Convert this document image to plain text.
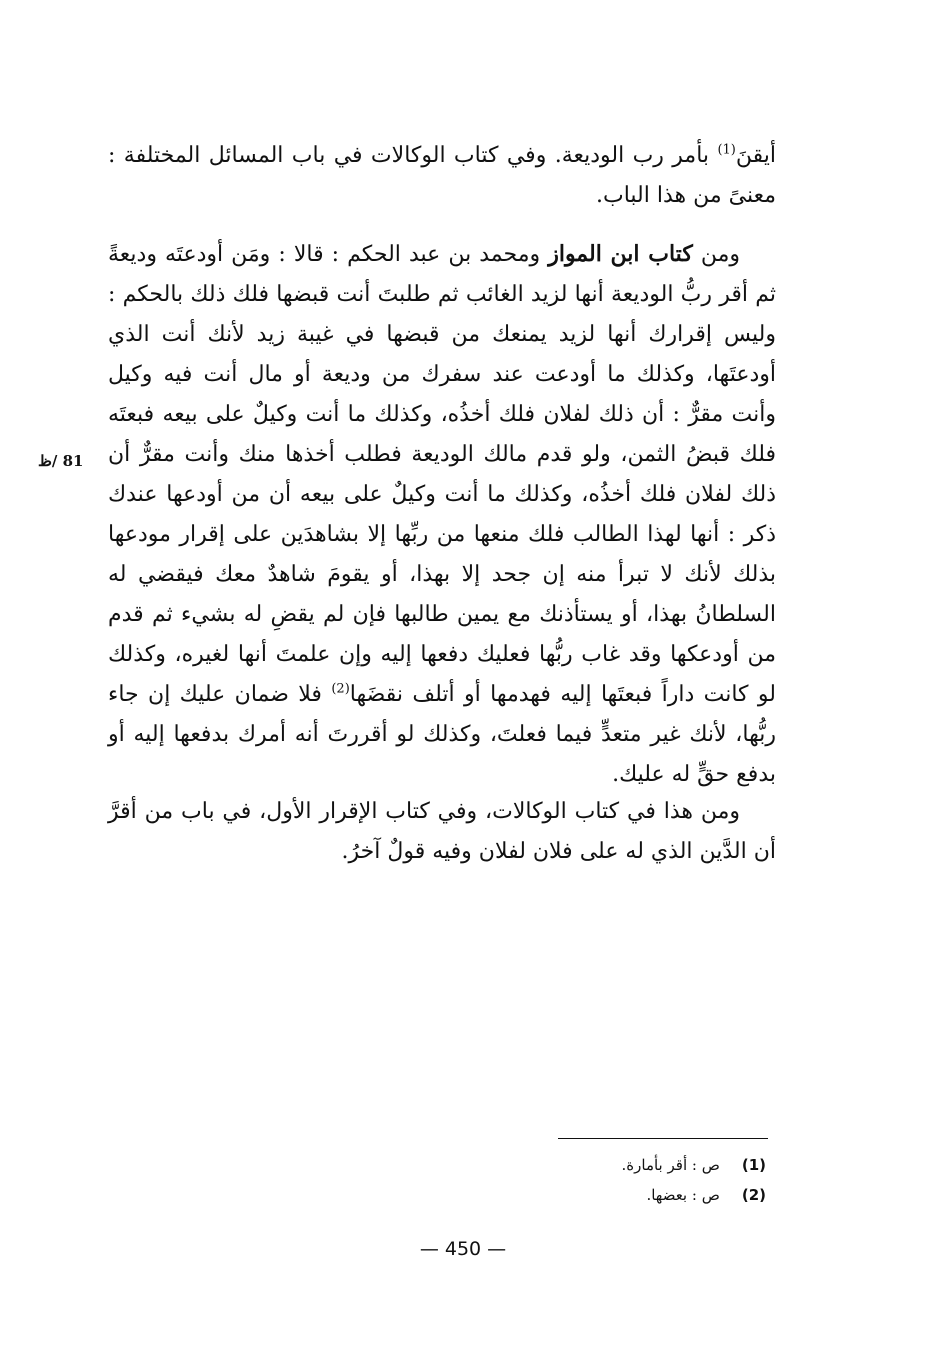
أيقنَ$^{(1)}$ بأمر رب الوديعة. وفي كتاب الوكالات في باب المسائل المختلفة : معنىً من هذا الباب.

ومن كتاب ابن المواز ومحمد بن عبد الحكم : قالا : ومَن أودعتَه وديعةً ثم أقر ربُّ الوديعة أنها لزيد الغائب ثم طلبتَ أنت قبضها فلك ذلك بالحكم : وليس إقرارك أنها لزيد يمنعك من قبضها في غيبة زيد لأنك أنت الذي أودعتَها، وكذلك ما أودعت عند سفرك من وديعة أو مال أنت فيه وكيل وأنت مقرٌّ : أن ذلك لفلان فلك أخذُه، وكذلك ما أنت وكيلٌ على بيعه فبعتَه فلك قبضُ الثمن، ولو قدم مالك الوديعة فطلب أخذها منك وأنت مقرٌّ أن ذلك لفلان فلك أخذُه، وكذلك ما أنت وكيلٌ على بيعه أن من أودعها عندك ذكر : أنها لهذا الطالب فلك منعها من ربِّها إلا بشاهدَين على إقرار مودعها بذلك لأنك لا تبرأ منه إن جحد إلا بهذا، أو يقومَ شاهدٌ معك فيقضي له السلطانُ بهذا، أو يستأذنك مع يمين طالبها فإن لم يقضِ له بشيء ثم قدم من أودعكها وقد غاب ربُّها فعليك دفعها إليه وإن علمتَ أنها لغيره، وكذلك لو كانت داراً فبعتَها إليه فهدمها أو أتلف نقضَها$^{(2)}$ فلا ضمان عليك إن جاء ربُّها، لأنك غير متعدٍّ فيما فعلتَ، وكذلك لو أقررتَ أنه أمرك بدفعها إليه أو بدفع حقٍّ له عليك.

ومن هذا في كتاب الوكالات، وفي كتاب الإقرار الأول، في باب من أقرَّ أن الدَّين الذي له على فلان لفلان وفيه قولٌ آخرُ.

81 /ظ
(1)
ص : أقر بأمارة.
(2)
ص : بعضها.
— 450 —
